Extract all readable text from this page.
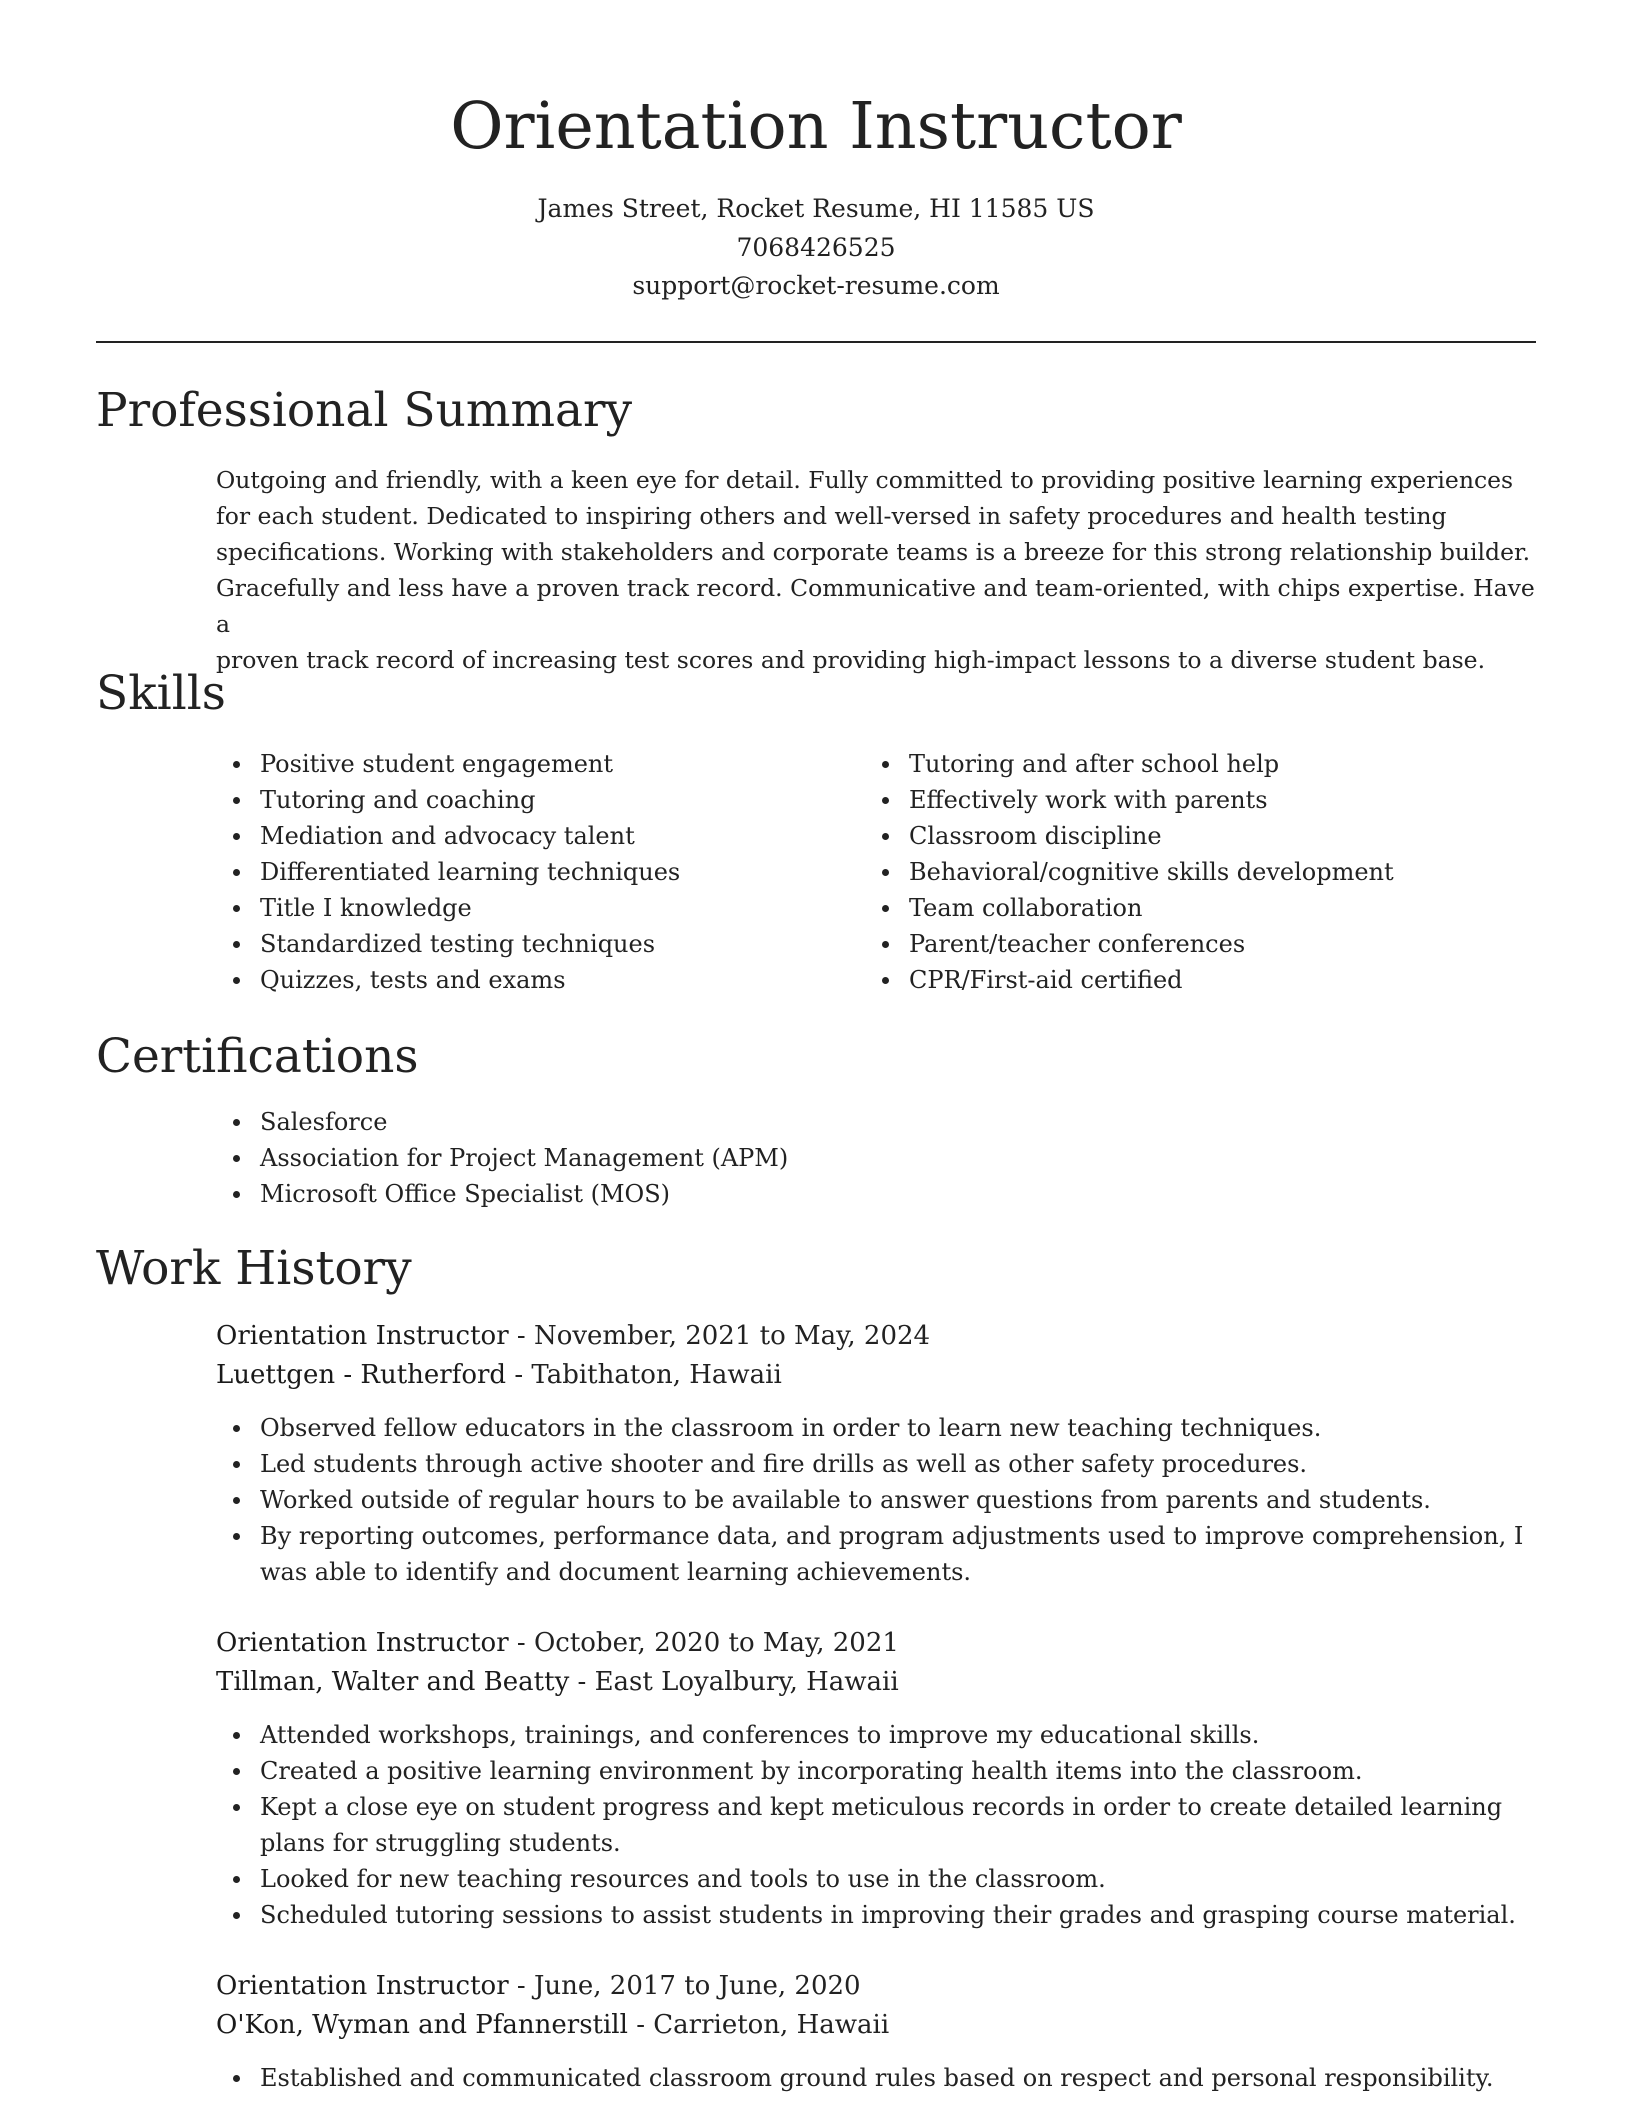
Orientation Instructor
James Street, Rocket Resume, HI 11585 US
7068426525
support@rocket-resume.com
Professional Summary

Outgoing and friendly, with a keen eye for detail. Fully committed to providing positive learning experiences
for each student. Dedicated to inspiring others and well-versed in safety procedures and health testing
specifications. Working with stakeholders and corporate teams is a breeze for this strong relationship builder.
Gracefully and less have a proven track record. Communicative and team-oriented, with chips expertise. Have a
proven track record of increasing test scores and providing high-impact lessons to a diverse student base.

Skills
Positive student engagement
Tutoring and coaching
Mediation and advocacy talent
Differentiated learning techniques
Title I knowledge
Standardized testing techniques
Quizzes, tests and exams
Tutoring and after school help
Effectively work with parents
Classroom discipline
Behavioral/cognitive skills development
Team collaboration
Parent/teacher conferences
CPR/First-aid certified
Certifications
Salesforce
Association for Project Management (APM)
Microsoft Office Specialist (MOS)
Work History
Orientation Instructor - November, 2021 to May, 2024
Luettgen - Rutherford - Tabithaton, Hawaii
Observed fellow educators in the classroom in order to learn new teaching techniques.
Led students through active shooter and fire drills as well as other safety procedures.
Worked outside of regular hours to be available to answer questions from parents and students.
By reporting outcomes, performance data, and program adjustments used to improve comprehension, I was able to identify and document learning achievements.
Orientation Instructor - October, 2020 to May, 2021
Tillman, Walter and Beatty - East Loyalbury, Hawaii
Attended workshops, trainings, and conferences to improve my educational skills.
Created a positive learning environment by incorporating health items into the classroom.
Kept a close eye on student progress and kept meticulous records in order to create detailed learning plans for struggling students.
Looked for new teaching resources and tools to use in the classroom.
Scheduled tutoring sessions to assist students in improving their grades and grasping course material.
Orientation Instructor - June, 2017 to June, 2020
O'Kon, Wyman and Pfannerstill - Carrieton, Hawaii
Established and communicated classroom ground rules based on respect and personal responsibility.
